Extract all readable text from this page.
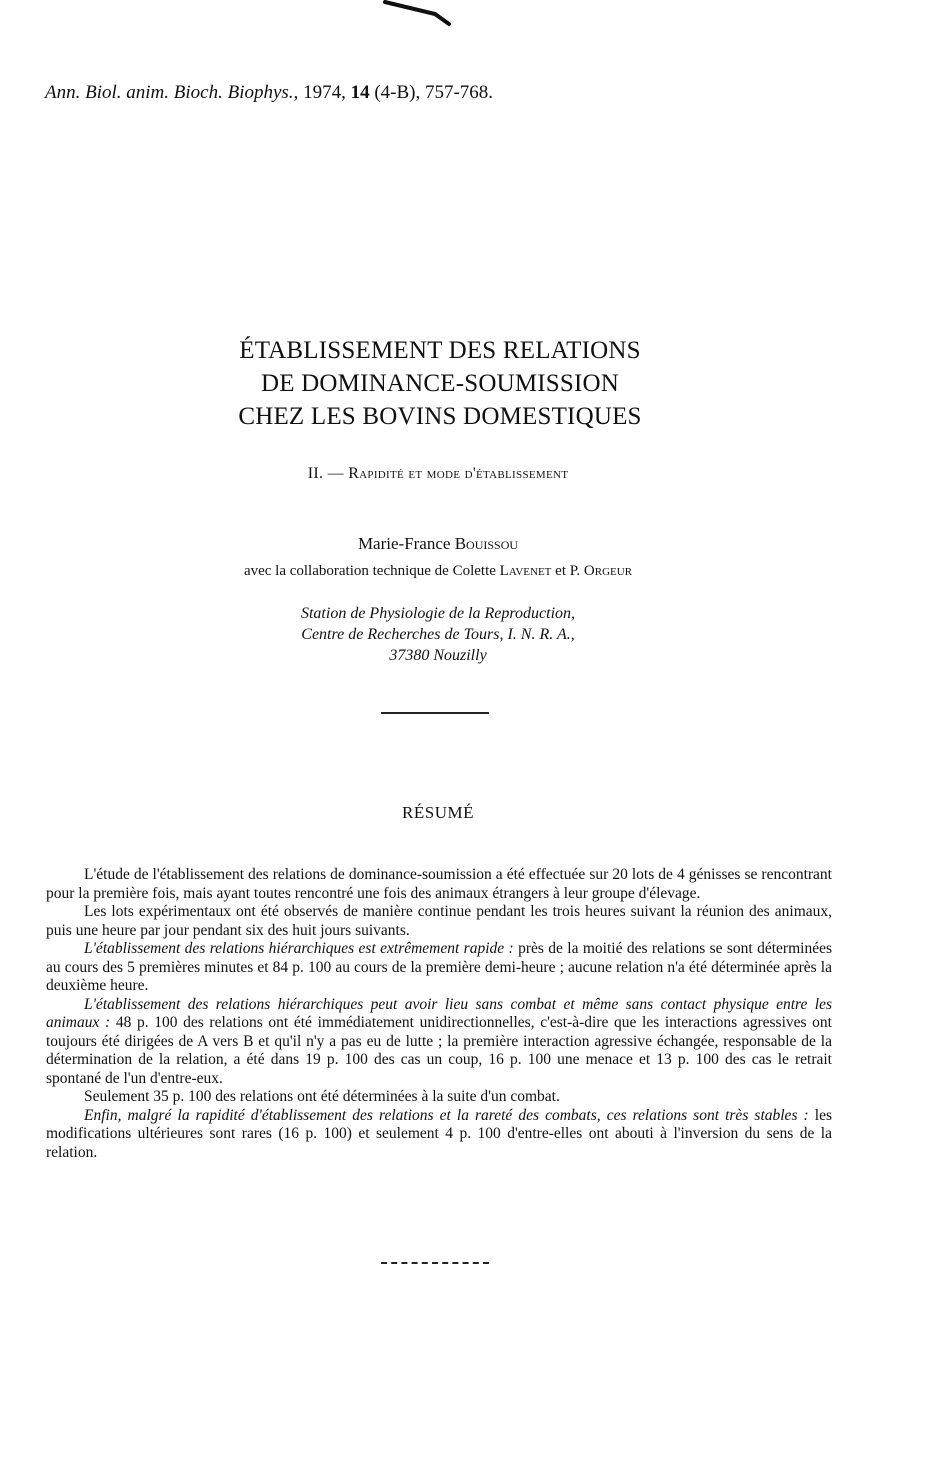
Ann. Biol. anim. Bioch. Biophys., 1974, 14 (4-B), 757-768.
ÉTABLISSEMENT DES RELATIONS
DE DOMINANCE-SOUMISSION
CHEZ LES BOVINS DOMESTIQUES
II. — Rapidité et mode d'établissement
Marie-France Bouissou
avec la collaboration technique de Colette Lavenet et P. Orgeur
Station de Physiologie de la Reproduction,
Centre de Recherches de Tours, I. N. R. A.,
37380 Nouzilly
RÉSUMÉ

L'étude de l'établissement des relations de dominance-soumission a été effectuée sur 20 lots de 4 génisses se rencontrant pour la première fois, mais ayant toutes rencontré une fois des animaux étrangers à leur groupe d'élevage.

Les lots expérimentaux ont été observés de manière continue pendant les trois heures suivant la réunion des animaux, puis une heure par jour pendant six des huit jours suivants.

L'établissement des relations hiérarchiques est extrêmement rapide : près de la moitié des relations se sont déterminées au cours des 5 premières minutes et 84 p. 100 au cours de la première demi-heure ; aucune relation n'a été déterminée après la deuxième heure.

L'établissement des relations hiérarchiques peut avoir lieu sans combat et même sans contact physique entre les animaux : 48 p. 100 des relations ont été immédiatement unidirectionnelles, c'est-à-dire que les interactions agressives ont toujours été dirigées de A vers B et qu'il n'y a pas eu de lutte ; la première interaction agressive échangée, responsable de la détermination de la relation, a été dans 19 p. 100 des cas un coup, 16 p. 100 une menace et 13 p. 100 des cas le retrait spontané de l'un d'entre-eux.

Seulement 35 p. 100 des relations ont été déterminées à la suite d'un combat.

Enfin, malgré la rapidité d'établissement des relations et la rareté des combats, ces relations sont très stables : les modifications ultérieures sont rares (16 p. 100) et seulement 4 p. 100 d'entre-elles ont abouti à l'inversion du sens de la relation.
